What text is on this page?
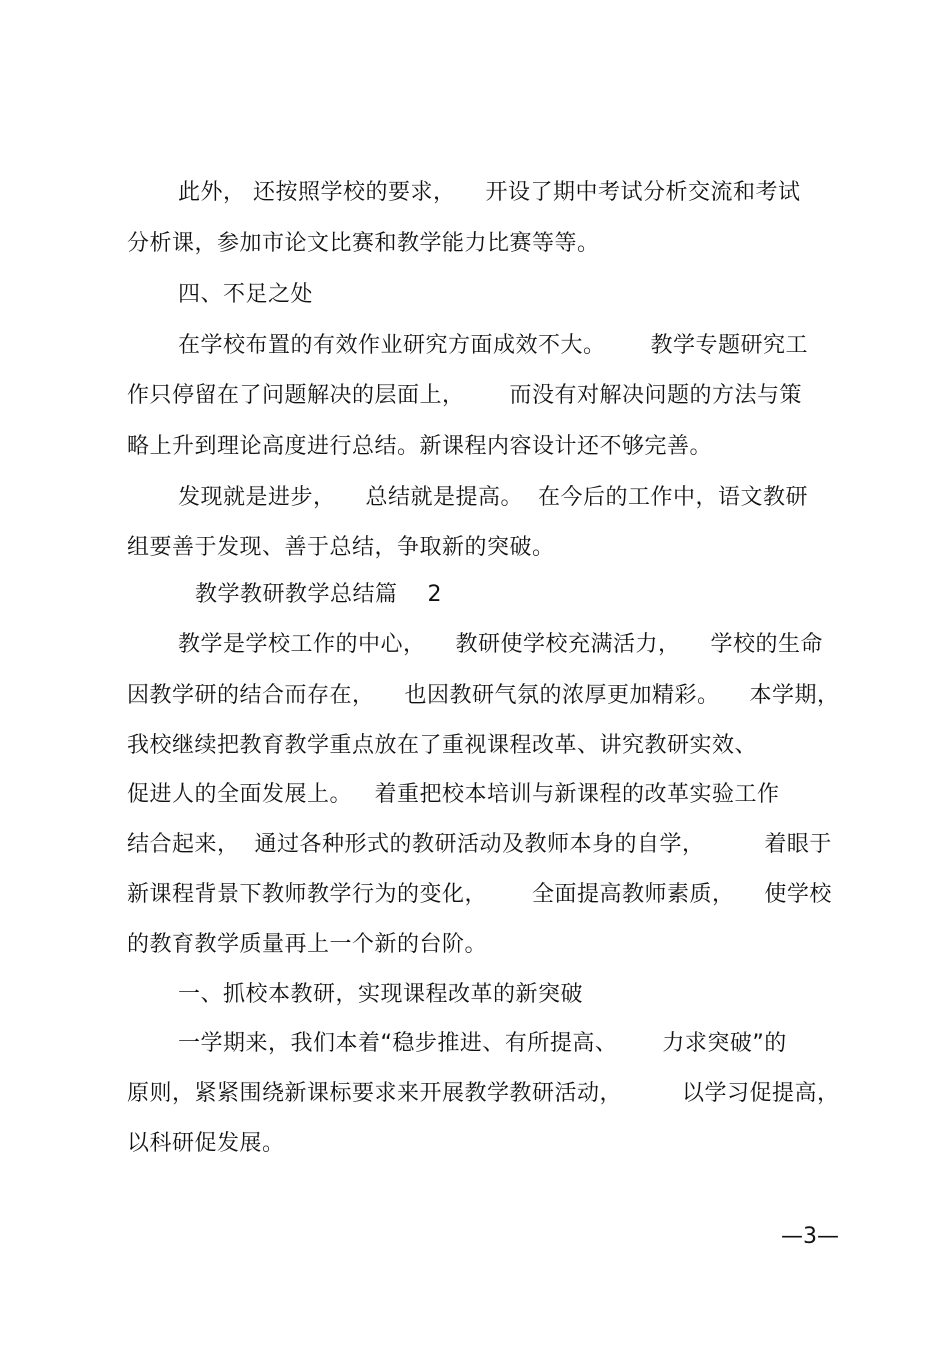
此外， 还按照学校的要求，    开设了期中考试分析交流和考试
分析课，参加市论文比赛和教学能力比赛等等。
四、不足之处
在学校布置的有效作业研究方面成效不大。      教学专题研究工
作只停留在了问题解决的层面上，      而没有对解决问题的方法与策
略上升到理论高度进行总结。新课程内容设计还不够完善。
发现就是进步，    总结就是提高。  在今后的工作中，语文教研
组要善于发现、善于总结，争取新的突破。
教学教研教学总结篇    2
教学是学校工作的中心，    教研使学校充满活力，    学校的生命
因教学研的结合而存在，    也因教研气氛的浓厚更加精彩。    本学期，
我校继续把教育教学重点放在了重视课程改革、讲究教研实效、
促进人的全面发展上。   着重把校本培训与新课程的改革实验工作
结合起来，  通过各种形式的教研活动及教师本身的自学，        着眼于
新课程背景下教师教学行为的变化，      全面提高教师素质，    使学校
的教育教学质量再上一个新的台阶。
一、抓校本教研，实现课程改革的新突破
一学期来，我们本着“稳步推进、有所提高、      力求突破”的
原则，紧紧围绕新课标要求来开展教学教研活动，        以学习促提高，
以科研促发展。
—3—
